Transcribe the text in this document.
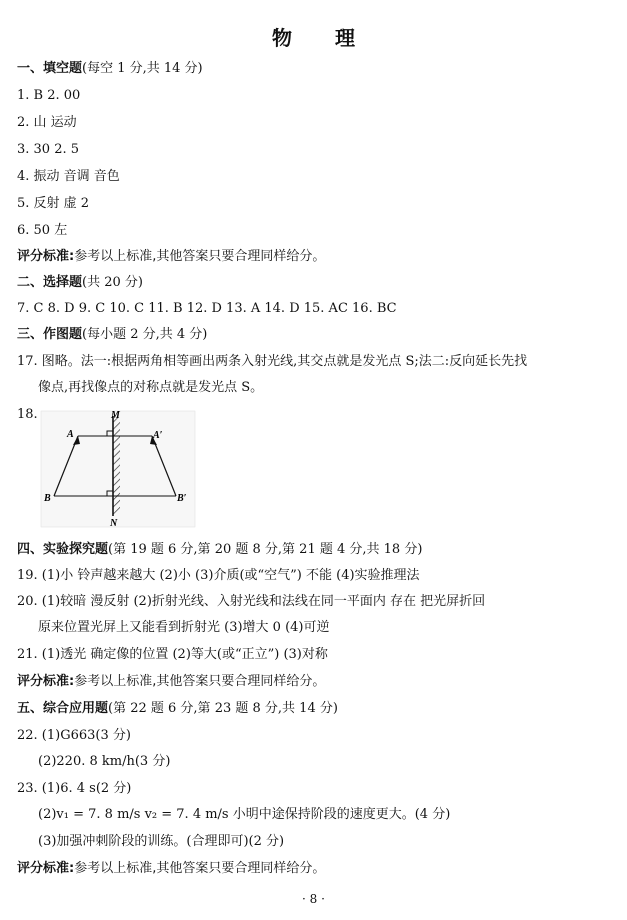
物 理
一、填空题(每空 1 分,共 14 分)
1. B 2. 00
2. 山 运动
3. 30 2. 5
4. 振动 音调 音色
5. 反射 虚 2
6. 50 左
评分标准:参考以上标准,其他答案只要合理同样给分。
二、选择题(共 20 分)
7. C 8. D 9. C 10. C 11. B 12. D 13. A 14. D 15. AC 16. BC
三、作图题(每小题 2 分,共 4 分)
17. 图略。法一:根据两角相等画出两条入射光线,其交点就是发光点 S;法二:反向延长先找
像点,再找像点的对称点就是发光点 S。
18.	M
N
A	A′
B	B′
四、实验探究题(第 19 题 6 分,第 20 题 8 分,第 21 题 4 分,共 18 分)
19. (1)小 铃声越来越大 (2)小 (3)介质(或“空气”) 不能 (4)实验推理法
20. (1)较暗 漫反射 (2)折射光线、入射光线和法线在同一平面内 存在 把光屏折回
原来位置光屏上又能看到折射光 (3)增大 0 (4)可逆
21. (1)透光 确定像的位置 (2)等大(或“正立”) (3)对称
评分标准:参考以上标准,其他答案只要合理同样给分。
五、综合应用题(第 22 题 6 分,第 23 题 8 分,共 14 分)
22. (1)G663(3 分)
(2)220. 8 km/h(3 分)
23. (1)6. 4 s(2 分)
(2)v₁ = 7. 8 m/s v₂ = 7. 4 m/s 小明中途保持阶段的速度更大。(4 分)
(3)加强冲刺阶段的训练。(合理即可)(2 分)
评分标准:参考以上标准,其他答案只要合理同样给分。
· 8 ·
